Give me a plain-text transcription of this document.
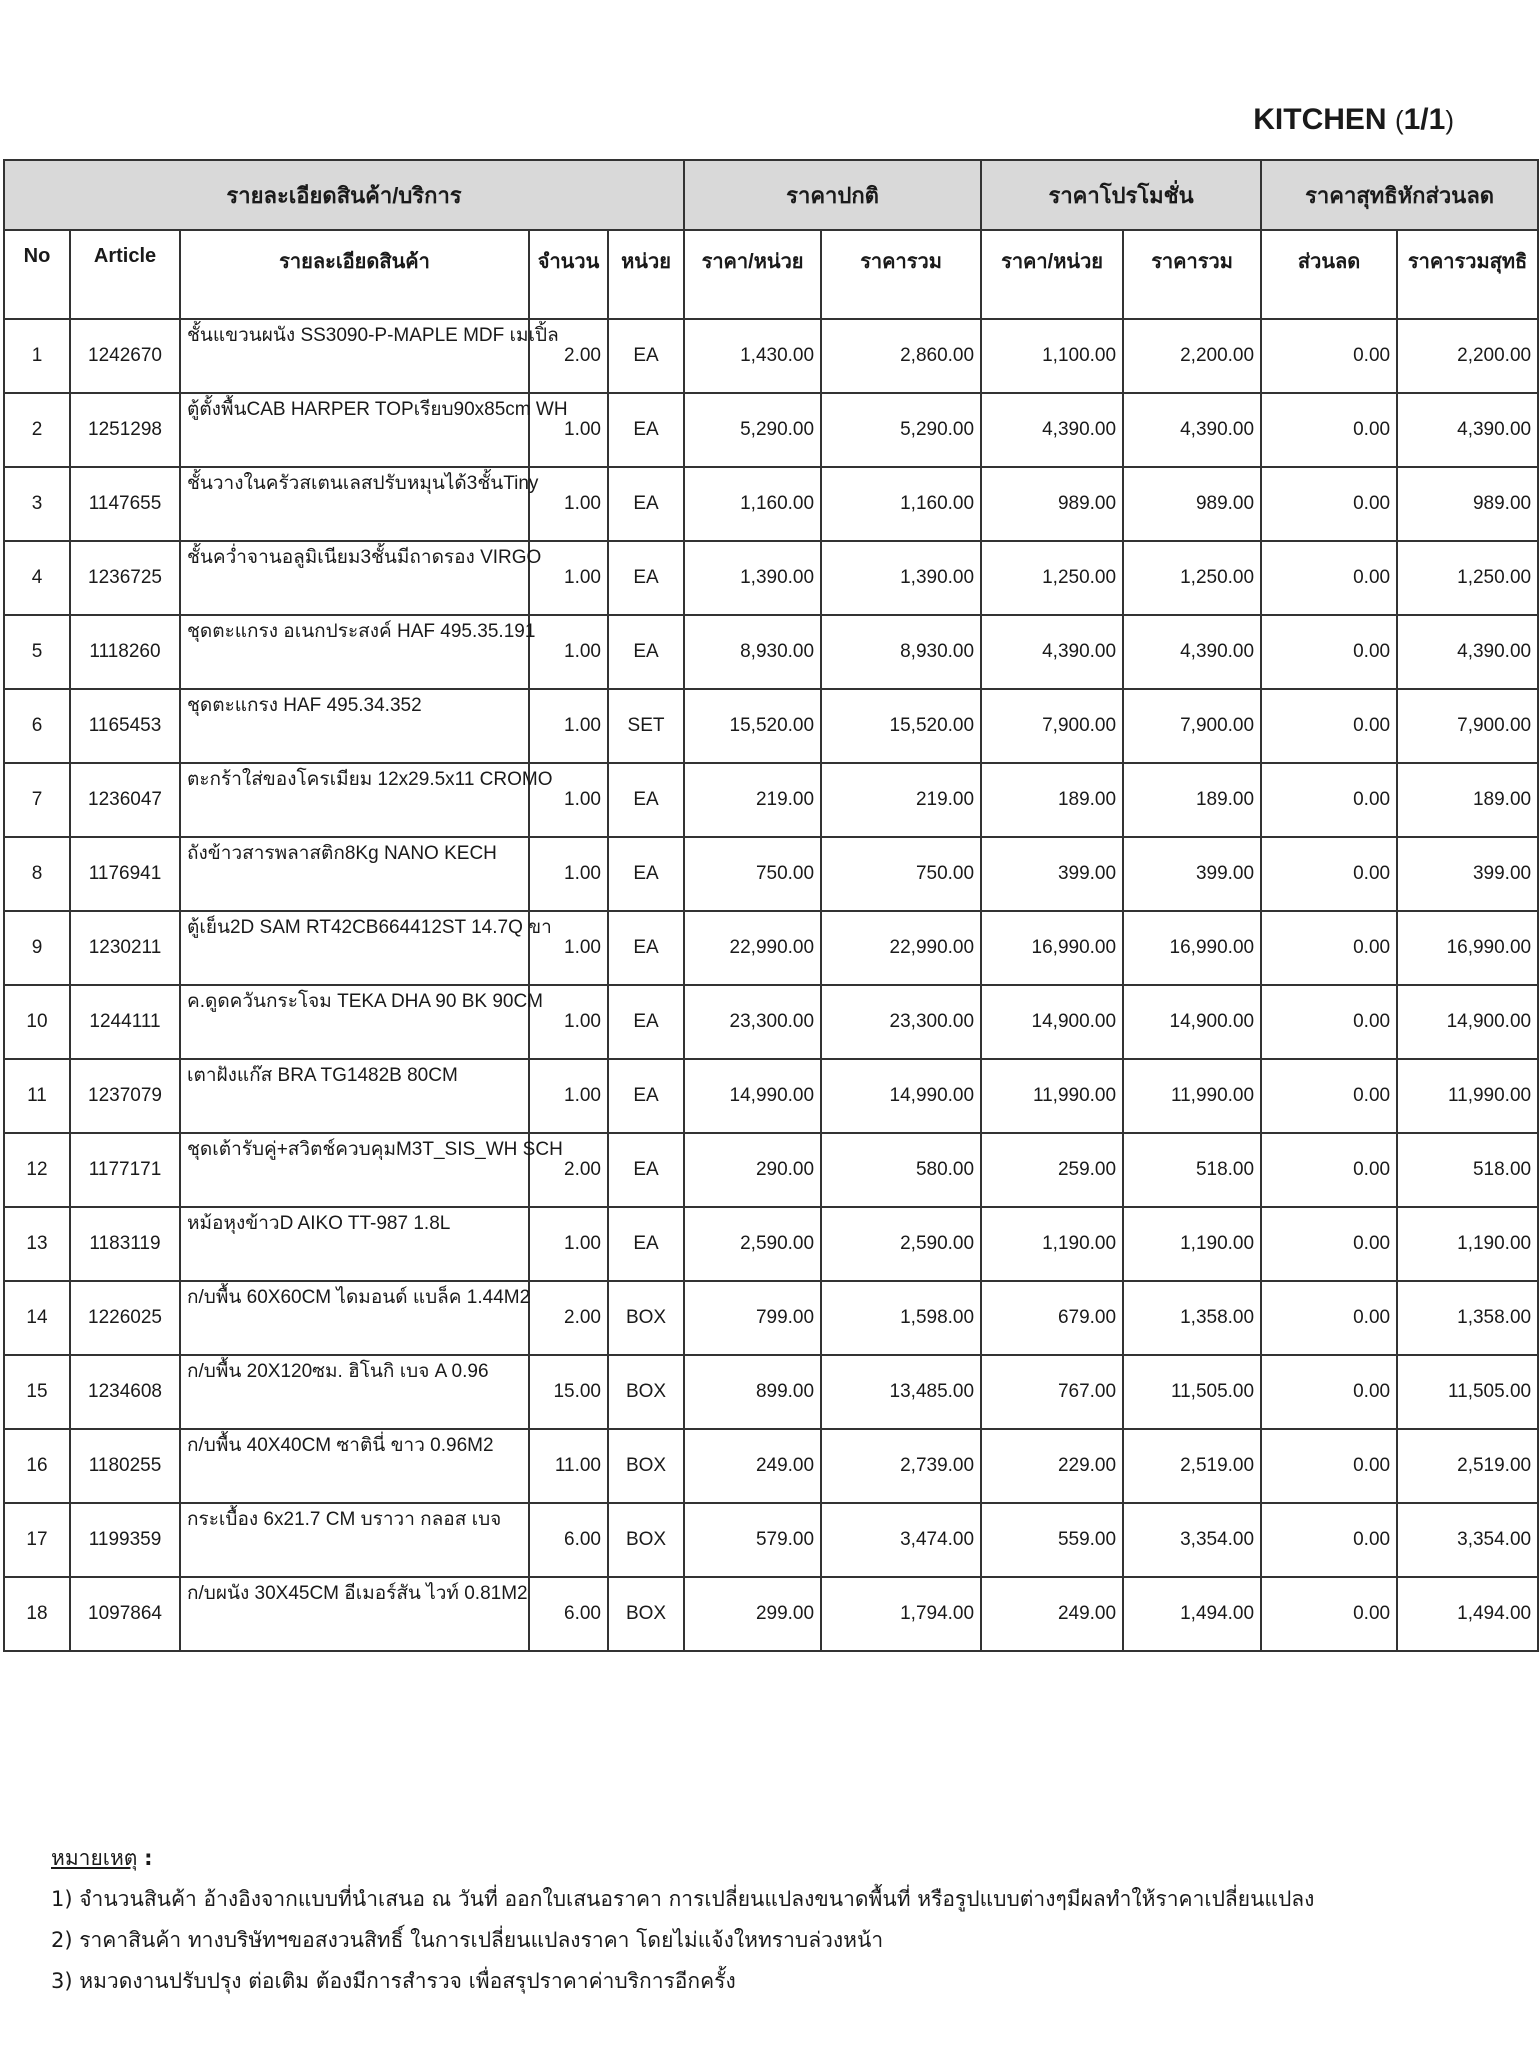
KITCHEN (1/1)
รายละเอียดสินค้า/บริการ					ราคาปกติ		ราคาโปรโมชั่น		ราคาสุทธิหักส่วนลด	
No	Article	รายละเอียดสินค้า	จำนวน	หน่วย	ราคา/หน่วย	ราคารวม	ราคา/หน่วย	ราคารวม	ส่วนลด	ราคารวมสุทธิ
1	1242670	ชั้นแขวนผนัง SS3090-P-MAPLE MDF เมเปิ้ล	2.00	EA	1,430.00	2,860.00	1,100.00	2,200.00	0.00	2,200.00
2	1251298	ตู้ตั้งพื้นCAB HARPER TOPเรียบ90x85cm WH	1.00	EA	5,290.00	5,290.00	4,390.00	4,390.00	0.00	4,390.00
3	1147655	ชั้นวางในครัวสเตนเลสปรับหมุนได้3ชั้นTiny	1.00	EA	1,160.00	1,160.00	989.00	989.00	0.00	989.00
4	1236725	ชั้นคว่ำจานอลูมิเนียม3ชั้นมีถาดรอง VIRGO	1.00	EA	1,390.00	1,390.00	1,250.00	1,250.00	0.00	1,250.00
5	1118260	ชุดตะแกรง อเนกประสงค์ HAF 495.35.191	1.00	EA	8,930.00	8,930.00	4,390.00	4,390.00	0.00	4,390.00
6	1165453	ชุดตะแกรง HAF 495.34.352	1.00	SET	15,520.00	15,520.00	7,900.00	7,900.00	0.00	7,900.00
7	1236047	ตะกร้าใส่ของโครเมียม 12x29.5x11 CROMO	1.00	EA	219.00	219.00	189.00	189.00	0.00	189.00
8	1176941	ถังข้าวสารพลาสติก8Kg NANO KECH	1.00	EA	750.00	750.00	399.00	399.00	0.00	399.00
9	1230211	ตู้เย็น2D SAM RT42CB664412ST 14.7Q ขา	1.00	EA	22,990.00	22,990.00	16,990.00	16,990.00	0.00	16,990.00
10	1244111	ค.ดูดควันกระโจม TEKA DHA 90 BK 90CM	1.00	EA	23,300.00	23,300.00	14,900.00	14,900.00	0.00	14,900.00
11	1237079	เตาฝังแก๊ส BRA TG1482B 80CM	1.00	EA	14,990.00	14,990.00	11,990.00	11,990.00	0.00	11,990.00
12	1177171	ชุดเต้ารับคู่+สวิตช์ควบคุมM3T_SIS_WH SCH	2.00	EA	290.00	580.00	259.00	518.00	0.00	518.00
13	1183119	หม้อหุงข้าวD AIKO TT-987 1.8L	1.00	EA	2,590.00	2,590.00	1,190.00	1,190.00	0.00	1,190.00
14	1226025	ก/บพื้น 60X60CM ไดมอนด์ แบล็ค 1.44M2	2.00	BOX	799.00	1,598.00	679.00	1,358.00	0.00	1,358.00
15	1234608	ก/บพื้น 20X120ซม. ฮิโนกิ เบจ A 0.96	15.00	BOX	899.00	13,485.00	767.00	11,505.00	0.00	11,505.00
16	1180255	ก/บพื้น 40X40CM ซาตินี่ ขาว 0.96M2	11.00	BOX	249.00	2,739.00	229.00	2,519.00	0.00	2,519.00
17	1199359	กระเบื้อง 6x21.7 CM บราวา กลอส เบจ	6.00	BOX	579.00	3,474.00	559.00	3,354.00	0.00	3,354.00
18	1097864	ก/บผนัง 30X45CM อีเมอร์สัน ไวท์ 0.81M2	6.00	BOX	299.00	1,794.00	249.00	1,494.00	0.00	1,494.00
หมายเหตุ :
1) จำนวนสินค้า อ้างอิงจากแบบที่นำเสนอ ณ วันที่ ออกใบเสนอราคา การเปลี่ยนแปลงขนาดพื้นที่ หรือรูปแบบต่างๆมีผลทำให้ราคาเปลี่ยนแปลง
2) ราคาสินค้า ทางบริษัทฯขอสงวนสิทธิ์ ในการเปลี่ยนแปลงราคา โดยไม่แจ้งใหทราบล่วงหน้า
3) หมวดงานปรับปรุง ต่อเติม ต้องมีการสำรวจ เพื่อสรุปราคาค่าบริการอีกครั้ง
